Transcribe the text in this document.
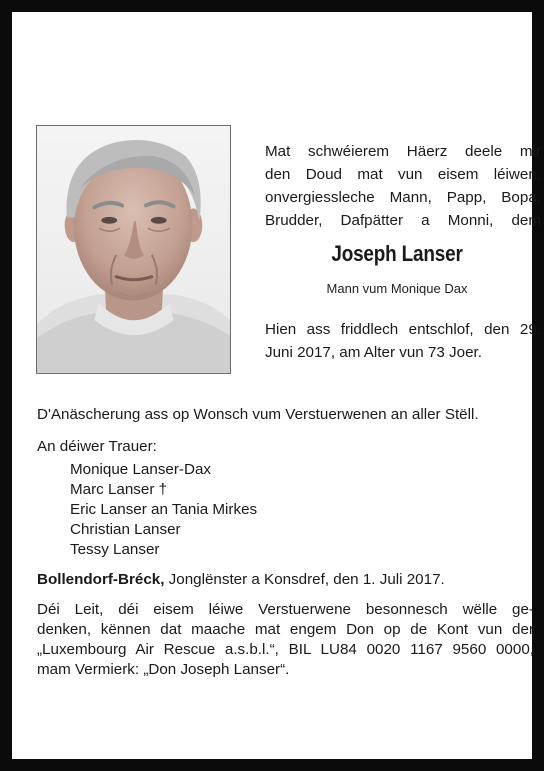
Mat schwéierem Häerz deele mir
den Doud mat vun eisem léiwen,
onvergiessleche Mann, Papp, Bopa,
Brudder, Dafpätter a Monni, dem
Joseph Lanser
Mann vum Monique Dax
Hien ass friddlech entschlof, den 29.
Juni 2017, am Alter vun 73 Joer.
D'Anäscherung ass op Wonsch vum Verstuerwenen an aller Stëll.
An déiwer Trauer:
Monique Lanser-Dax
Marc Lanser †
Eric Lanser an Tania Mirkes
Christian Lanser
Tessy Lanser
Bollendorf-Bréck, Jonglënster a Konsdref, den 1. Juli 2017.
Déi Leit, déi eisem léiwe Verstuerwene besonnesch wëlle ge-
denken, kënnen dat maache mat engem Don op de Kont vun der
„Luxembourg Air Rescue a.s.b.l.“, BIL LU84 0020 1167 9560 0000,
mam Vermierk: „Don Joseph Lanser“.
